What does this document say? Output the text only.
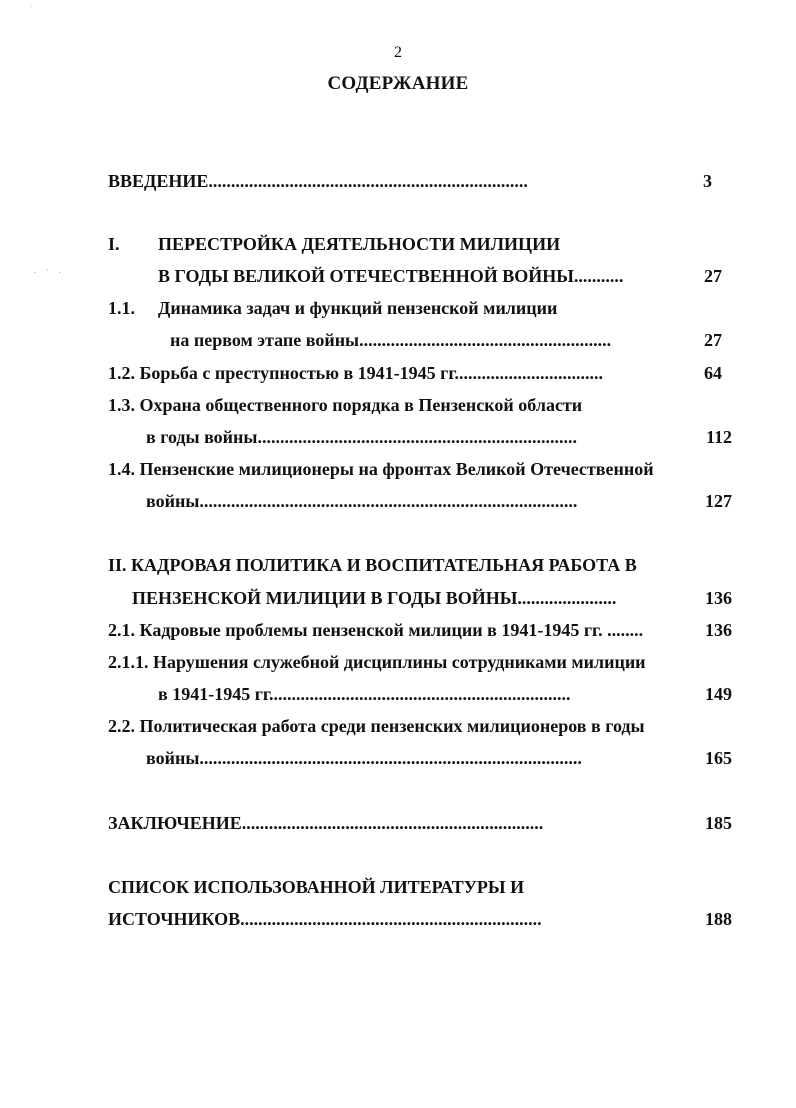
'
. · .
2
СОДЕРЖАНИЕ
ВВЕДЕНИЕ.......................................................................	3
I. ПЕРЕСТРОЙКА ДЕЯТЕЛЬНОСТИ МИЛИЦИИ
В ГОДЫ ВЕЛИКОЙ ОТЕЧЕСТВЕННОЙ ВОЙНЫ...........	27
1.1. Динамика задач и функций пензенской милиции
на первом этапе войны........................................................	27
1.2. Борьба с преступностью в 1941-1945 гг.................................	64
1.3. Охрана общественного порядка в Пензенской области
в годы войны.......................................................................	112
1.4. Пензенские милиционеры на фронтах Великой Отечественной
войны....................................................................................	127
II. КАДРОВАЯ ПОЛИТИКА И ВОСПИТАТЕЛЬНАЯ РАБОТА В
ПЕНЗЕНСКОЙ МИЛИЦИИ В ГОДЫ ВОЙНЫ......................	136
2.1. Кадровые проблемы пензенской милиции в 1941-1945 гг. ........	136
2.1.1. Нарушения служебной дисциплины сотрудниками милиции
в 1941-1945 гг...................................................................	149
2.2. Политическая работа среди пензенских милиционеров в годы
войны.....................................................................................	165
ЗАКЛЮЧЕНИЕ...................................................................	185
СПИСОК ИСПОЛЬЗОВАННОЙ ЛИТЕРАТУРЫ И
ИСТОЧНИКОВ...................................................................	188
